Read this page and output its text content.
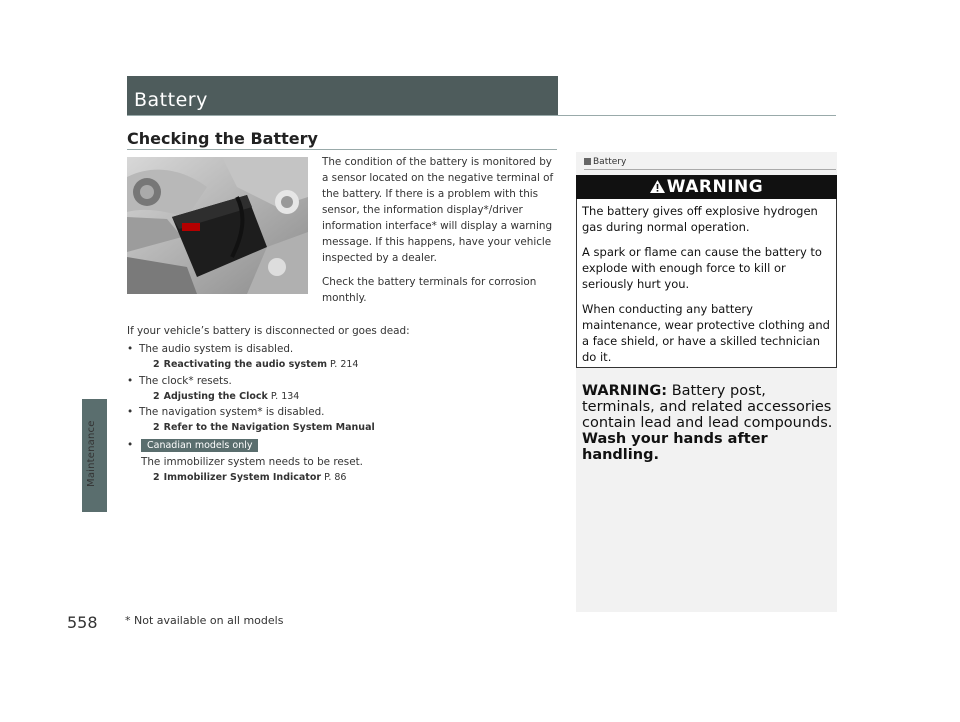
Maintenance
558 * Not available on all models
Battery
Checking the Battery

The condition of the battery is monitored by a sensor located on the negative terminal of the battery. If there is a problem with this sensor, the information display*/driver information interface* will display a warning message. If this happens, have your vehicle inspected by a dealer.

Check the battery terminals for corrosion monthly.

If your vehicle’s battery is disconnected or goes dead:
• The audio system is disabled.
2 Reactivating the audio system P. 214
• The clock* resets.
2 Adjusting the Clock P. 134
• The navigation system* is disabled.
2 Refer to the Navigation System Manual
• Canadian models only
The immobilizer system needs to be reset.
2 Immobilizer System Indicator P. 86
Battery
WARNING

The battery gives off explosive hydrogen gas during normal operation.

A spark or flame can cause the battery to explode with enough force to kill or seriously hurt you.

When conducting any battery maintenance, wear protective clothing and a face shield, or have a skilled technician do it.

WARNING: Battery post, terminals, and related accessories contain lead and lead compounds.
Wash your hands after handling.
